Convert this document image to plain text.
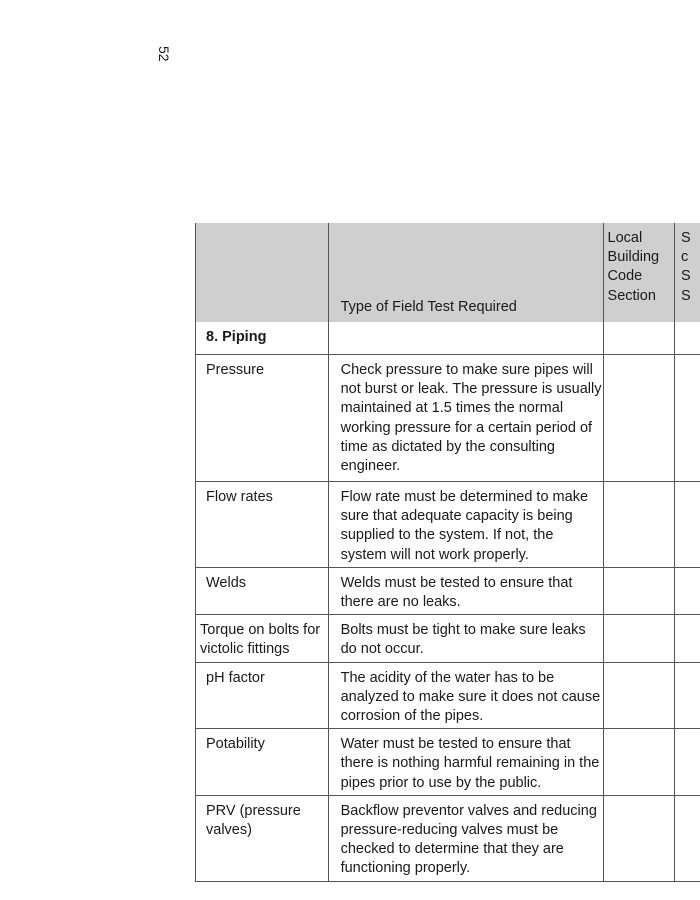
52
	Type of Field Test Required	Local Building Code Section	S c S S
8. Piping			
Pressure	Check pressure to make sure pipes will not burst or leak. The pressure is usually maintained at 1.5 times the normal working pressure for a certain period of time as dictated by the consulting engineer.		
Flow rates	Flow rate must be determined to make sure that adequate capacity is being supplied to the system. If not, the system will not work properly.		
Welds	Welds must be tested to ensure that there are no leaks.		
Torque on bolts for victolic fittings	Bolts must be tight to make sure leaks do not occur.		
pH factor	The acidity of the water has to be analyzed to make sure it does not cause corrosion of the pipes.		
Potability	Water must be tested to ensure that there is nothing harmful remaining in the pipes prior to use by the public.		
PRV (pressure valves)	Backflow preventor valves and reducing pressure-reducing valves must be checked to determine that they are functioning properly.		
